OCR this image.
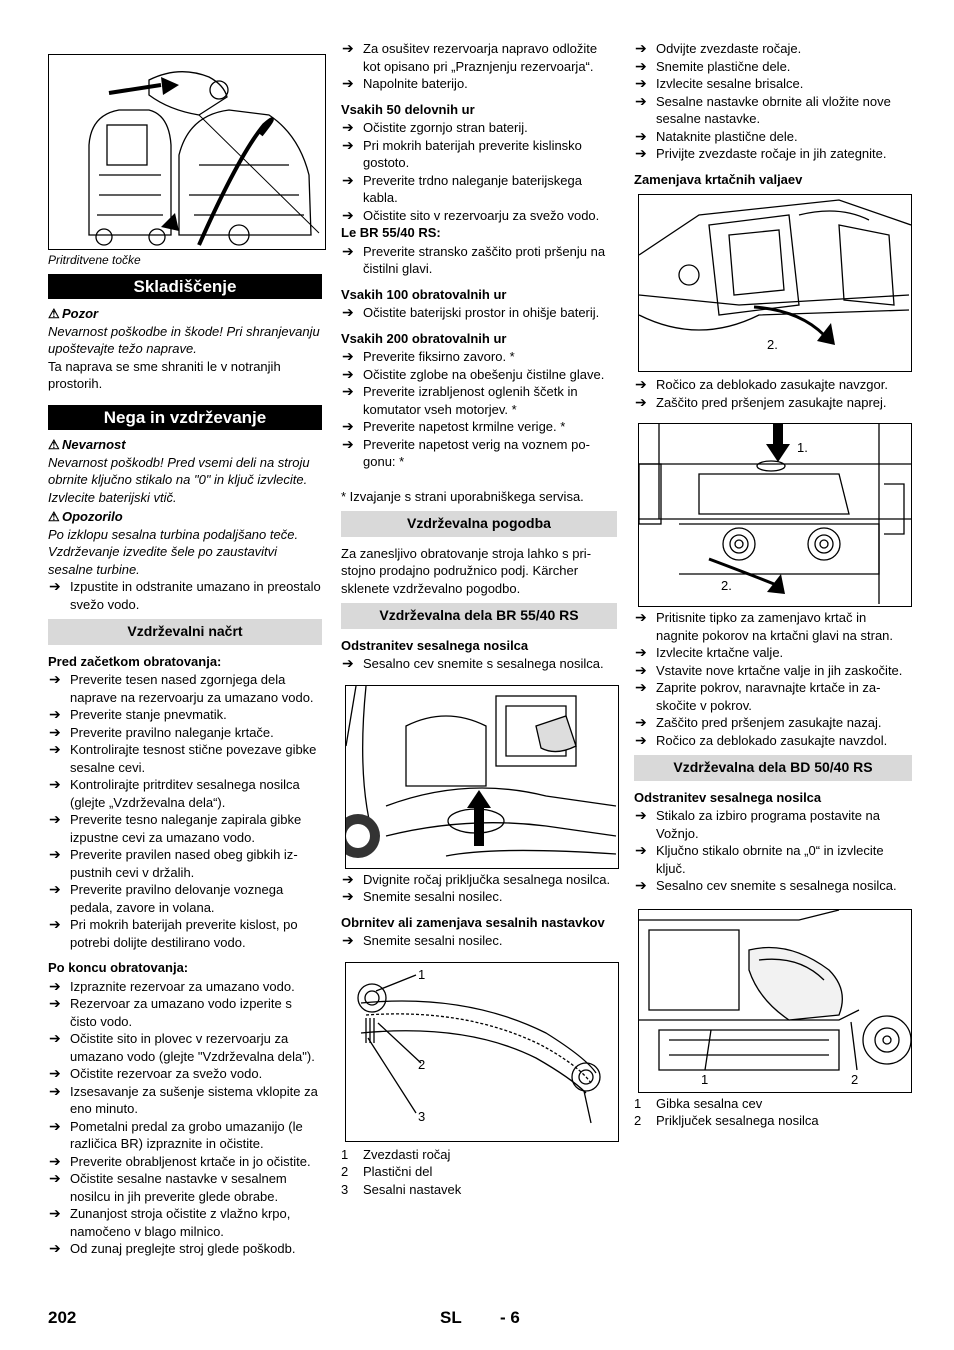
Pritrditvene točke
Skladiščenje
⚠ Pozor

Nevarnost poškodbe in škode! Pri shranjevanju upoštevajte težo naprave.

Ta naprava se sme shraniti le v notranjih prostorih.

Nega in vzdrževanje
⚠ Nevarnost

Nevarnost poškodb! Pred vsemi deli na stroju obrnite ključno stikalo na "0" in ključ izvlecite. Izvlecite baterijski vtič.

⚠ Opozorilo

Po izklopu sesalna turbina podaljšano teče. Vzdrževanje izvedite šele po zaustavitvi sesalne turbine.

➔ Izpustite in odstranite umazano in preostalo svežo vodo.
Vzdrževalni načrt
Pred začetkom obratovanja:
➔ Preverite tesen nased zgornjega dela naprave na rezervoarju za umazano vodo.
➔ Preverite stanje pnevmatik.
➔ Preverite pravilno naleganje krtače.
➔ Kontrolirajte tesnost stične povezave gibke sesalne cevi.
➔ Kontrolirajte pritrditev sesalnega nosilca (glejte „Vzdrževalna dela“).
➔ Preverite tesno naleganje zapirala gibke izpustne cevi za umazano vodo.
➔ Preverite pravilen nased obeg gibkih izpustnih cevi v držalih.
➔ Preverite pravilno delovanje voznega pedala, zavore in volana.
➔ Pri mokrih baterijah preverite kislost, po potrebi dolijte destilirano vodo.
Po koncu obratovanja:
➔ Izpraznite rezervoar za umazano vodo.
➔ Rezervoar za umazano vodo izperite s čisto vodo.
➔ Očistite sito in plovec v rezervoarju za umazano vodo (glejte "Vzdrževalna dela").
➔ Očistite rezervoar za svežo vodo.
➔ Izsesavanje za sušenje sistema vklopite za eno minuto.
➔ Pometalni predal za grobo umazanijo (le različica BR) izpraznite in očistite.
➔ Preverite obrabljenost krtače in jo očistite.
➔ Očistite sesalne nastavke v sesalnem nosilcu in jih preverite glede obrabe.
➔ Zunanjost stroja očistite z vlažno krpo, namočeno v blago milnico.
➔ Od zunaj preglejte stroj glede poškodb.
➔ Za osušitev rezervoarja napravo odložite kot opisano pri „Praznjenju rezervoarja“.
➔ Napolnite baterijo.
Vsakih 50 delovnih ur
➔ Očistite zgornjo stran baterij.
➔ Pri mokrih baterijah preverite kislinsko gostoto.
➔ Preverite trdno naleganje baterijskega kabla.
➔ Očistite sito v rezervoarju za svežo vodo.
Le BR 55/40 RS:
➔ Preverite stransko zaščito proti pršenju na čistilni glavi.
Vsakih 100 obratovalnih ur
➔ Očistite baterijski prostor in ohišje baterij.
Vsakih 200 obratovalnih ur
➔ Preverite fiksirno zavoro. *
➔ Očistite zglobe na obešenju čistilne glave.
➔ Preverite izrabljenost oglenih ščetk in komutator vseh motorjev. *
➔ Preverite napetost krmilne verige. *
➔ Preverite napetost verig na voznem pogonu: *

* Izvajanje s strani uporabniškega servisa.

Vzdrževalna pogodba

Za zanesljivo obratovanje stroja lahko s pristojno prodajno podružnico podj. Kärcher sklenete vzdrževalno pogodbo.

Vzdrževalna dela BR 55/40 RS
Odstranitev sesalnega nosilca
➔ Sesalno cev snemite s sesalnega nosilca.
➔ Dvignite ročaj priključka sesalnega nosilca.
➔ Snemite sesalni nosilec.
Obrnitev ali zamenjava sesalnih nastavkov
➔ Snemite sesalni nosilec.
1
2
3
1 Zvezdasti ročaj
2 Plastični del
3 Sesalni nastavek
➔ Odvijte zvezdaste ročaje.
➔ Snemite plastične dele.
➔ Izvlecite sesalne brisalce.
➔ Sesalne nastavke obrnite ali vložite nove sesalne nastavke.
➔ Nataknite plastične dele.
➔ Privijte zvezdaste ročaje in jih zategnite.
Zamenjava krtačnih valjaev
2.
➔ Ročico za deblokado zasukajte navzgor.
➔ Zaščito pred pršenjem zasukajte naprej.
1.
2.
➔ Pritisnite tipko za zamenjavo krtač in nagnite pokorov na krtačni glavi na stran.
➔ Izvlecite krtačne valje.
➔ Vstavite nove krtačne valje in jih zaskočite.
➔ Zaprite pokrov, naravnajte krtače in zaskočite v pokrov.
➔ Zaščito pred pršenjem zasukajte nazaj.
➔ Ročico za deblokado zasukajte navzdol.
Vzdrževalna dela BD 50/40 RS
Odstranitev sesalnega nosilca
➔ Stikalo za izbiro programa postavite na Vožnjo.
➔ Ključno stikalo obrnite na „0“ in izvlecite ključ.
➔ Sesalno cev snemite s sesalnega nosilca.
1	2
1 Gibka sesalna cev
2 Priključek sesalnega nosilca
202	SL - 6
